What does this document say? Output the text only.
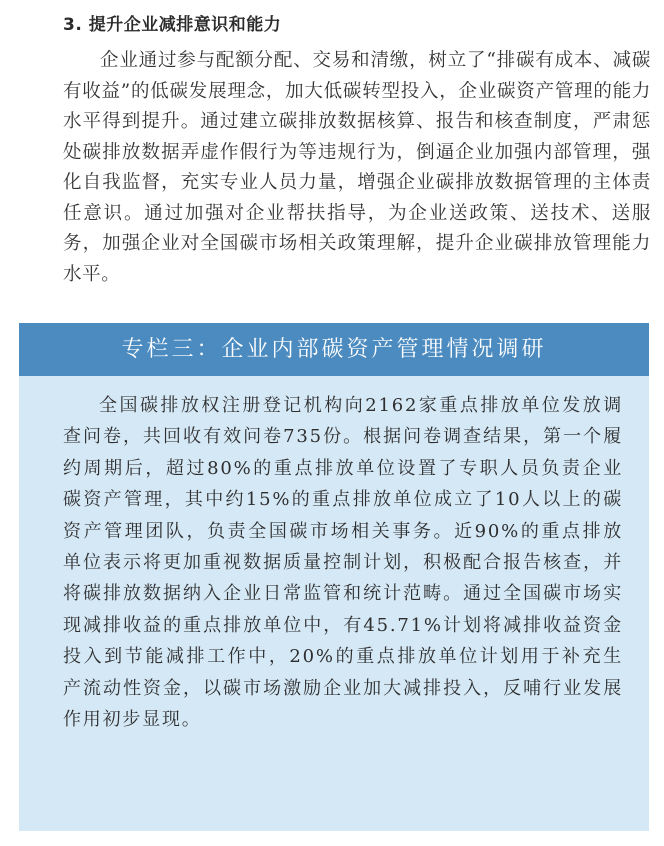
3. 提升企业减排意识和能力

企业通过参与配额分配、交易和清缴，树立了“排碳有成本、减碳有收益”的低碳发展理念，加大低碳转型投入，企业碳资产管理的能力水平得到提升。通过建立碳排放数据核算、报告和核查制度，严肃惩处碳排放数据弄虚作假行为等违规行为，倒逼企业加强内部管理，强化自我监督，充实专业人员力量，增强企业碳排放数据管理的主体责任意识。通过加强对企业帮扶指导，为企业送政策、送技术、送服务，加强企业对全国碳市场相关政策理解，提升企业碳排放管理能力水平。

专栏三：企业内部碳资产管理情况调研

全国碳排放权注册登记机构向2162家重点排放单位发放调查问卷，共回收有效问卷735份。根据问卷调查结果，第一个履约周期后，超过80%的重点排放单位设置了专职人员负责企业碳资产管理，其中约15%的重点排放单位成立了10人以上的碳资产管理团队，负责全国碳市场相关事务。近90%的重点排放单位表示将更加重视数据质量控制计划，积极配合报告核查，并将碳排放数据纳入企业日常监管和统计范畴。通过全国碳市场实现减排收益的重点排放单位中，有45.71%计划将减排收益资金投入到节能减排工作中，20%的重点排放单位计划用于补充生产流动性资金，以碳市场激励企业加大减排投入，反哺行业发展作用初步显现。
